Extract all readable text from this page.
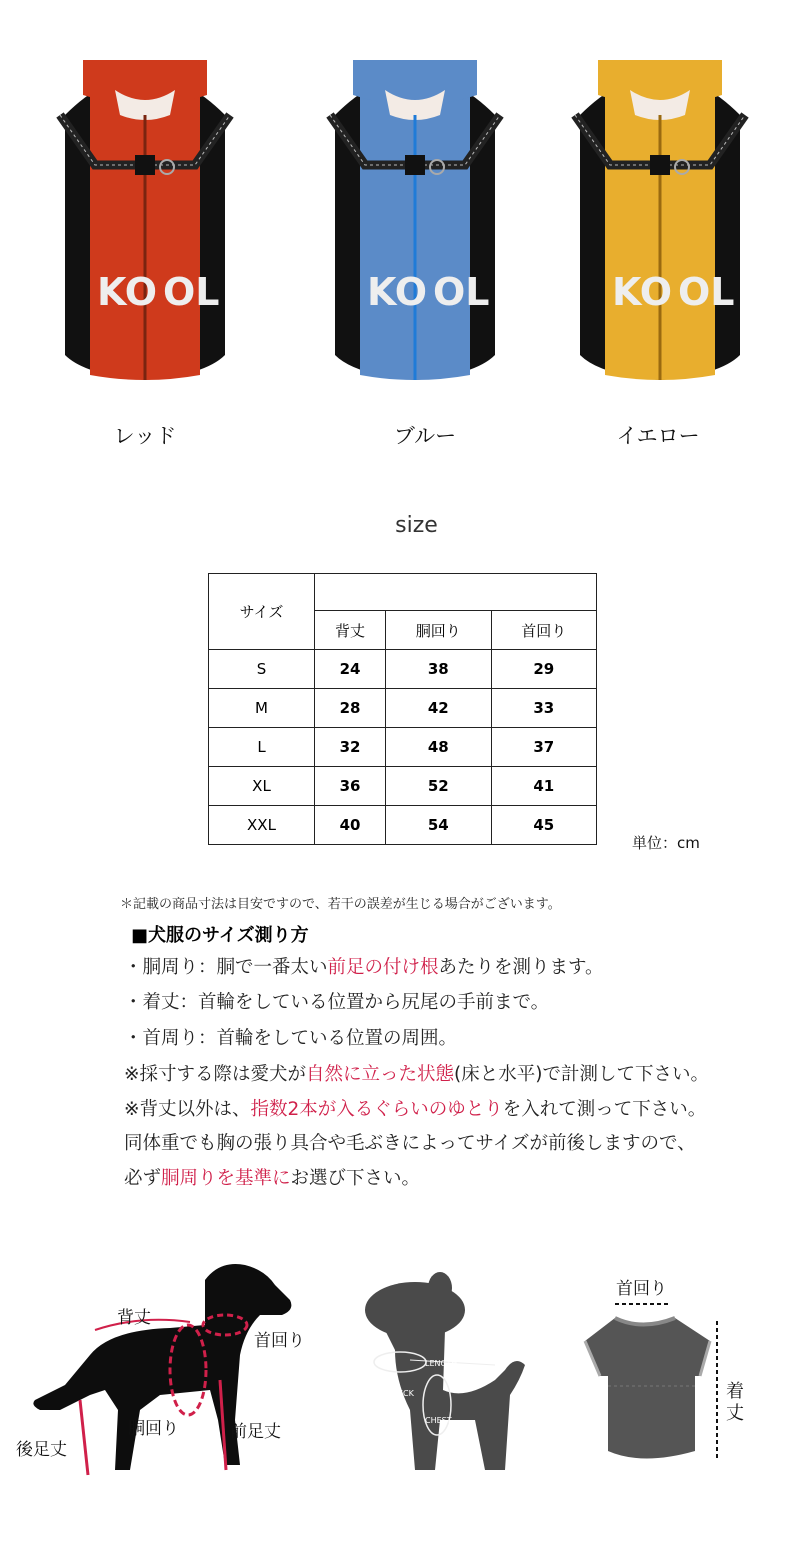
KO OL	KO OL	KO OL
レッド	ブルー	イエロー
size
サイズ			
	背丈	胴回り	首回り
S	24	38	29
M	28	42	33
L	32	48	37
XL	36	52	41
XXL	40	54	45
単位：cm
＊記載の商品寸法は目安ですので、若干の誤差が生じる場合がございます。
■犬服のサイズ測り方
・胴周り：胴で一番太い前足の付け根あたりを測ります。
・着丈：首輪をしている位置から尻尾の手前まで。
・首周り：首輪をしている位置の周囲。
※採寸する際は愛犬が自然に立った状態(床と水平)で計測して下さい。
※背丈以外は、指数2本が入るぐらいのゆとりを入れて測って下さい。
同体重でも胸の張り具合や毛ぶきによってサイズが前後しますので、
必ず胴周りを基準にお選び下さい。
背丈
首回り
後足丈
胴回り	前足丈
LENGTH
NECK
CHEST
首回り
着
丈
